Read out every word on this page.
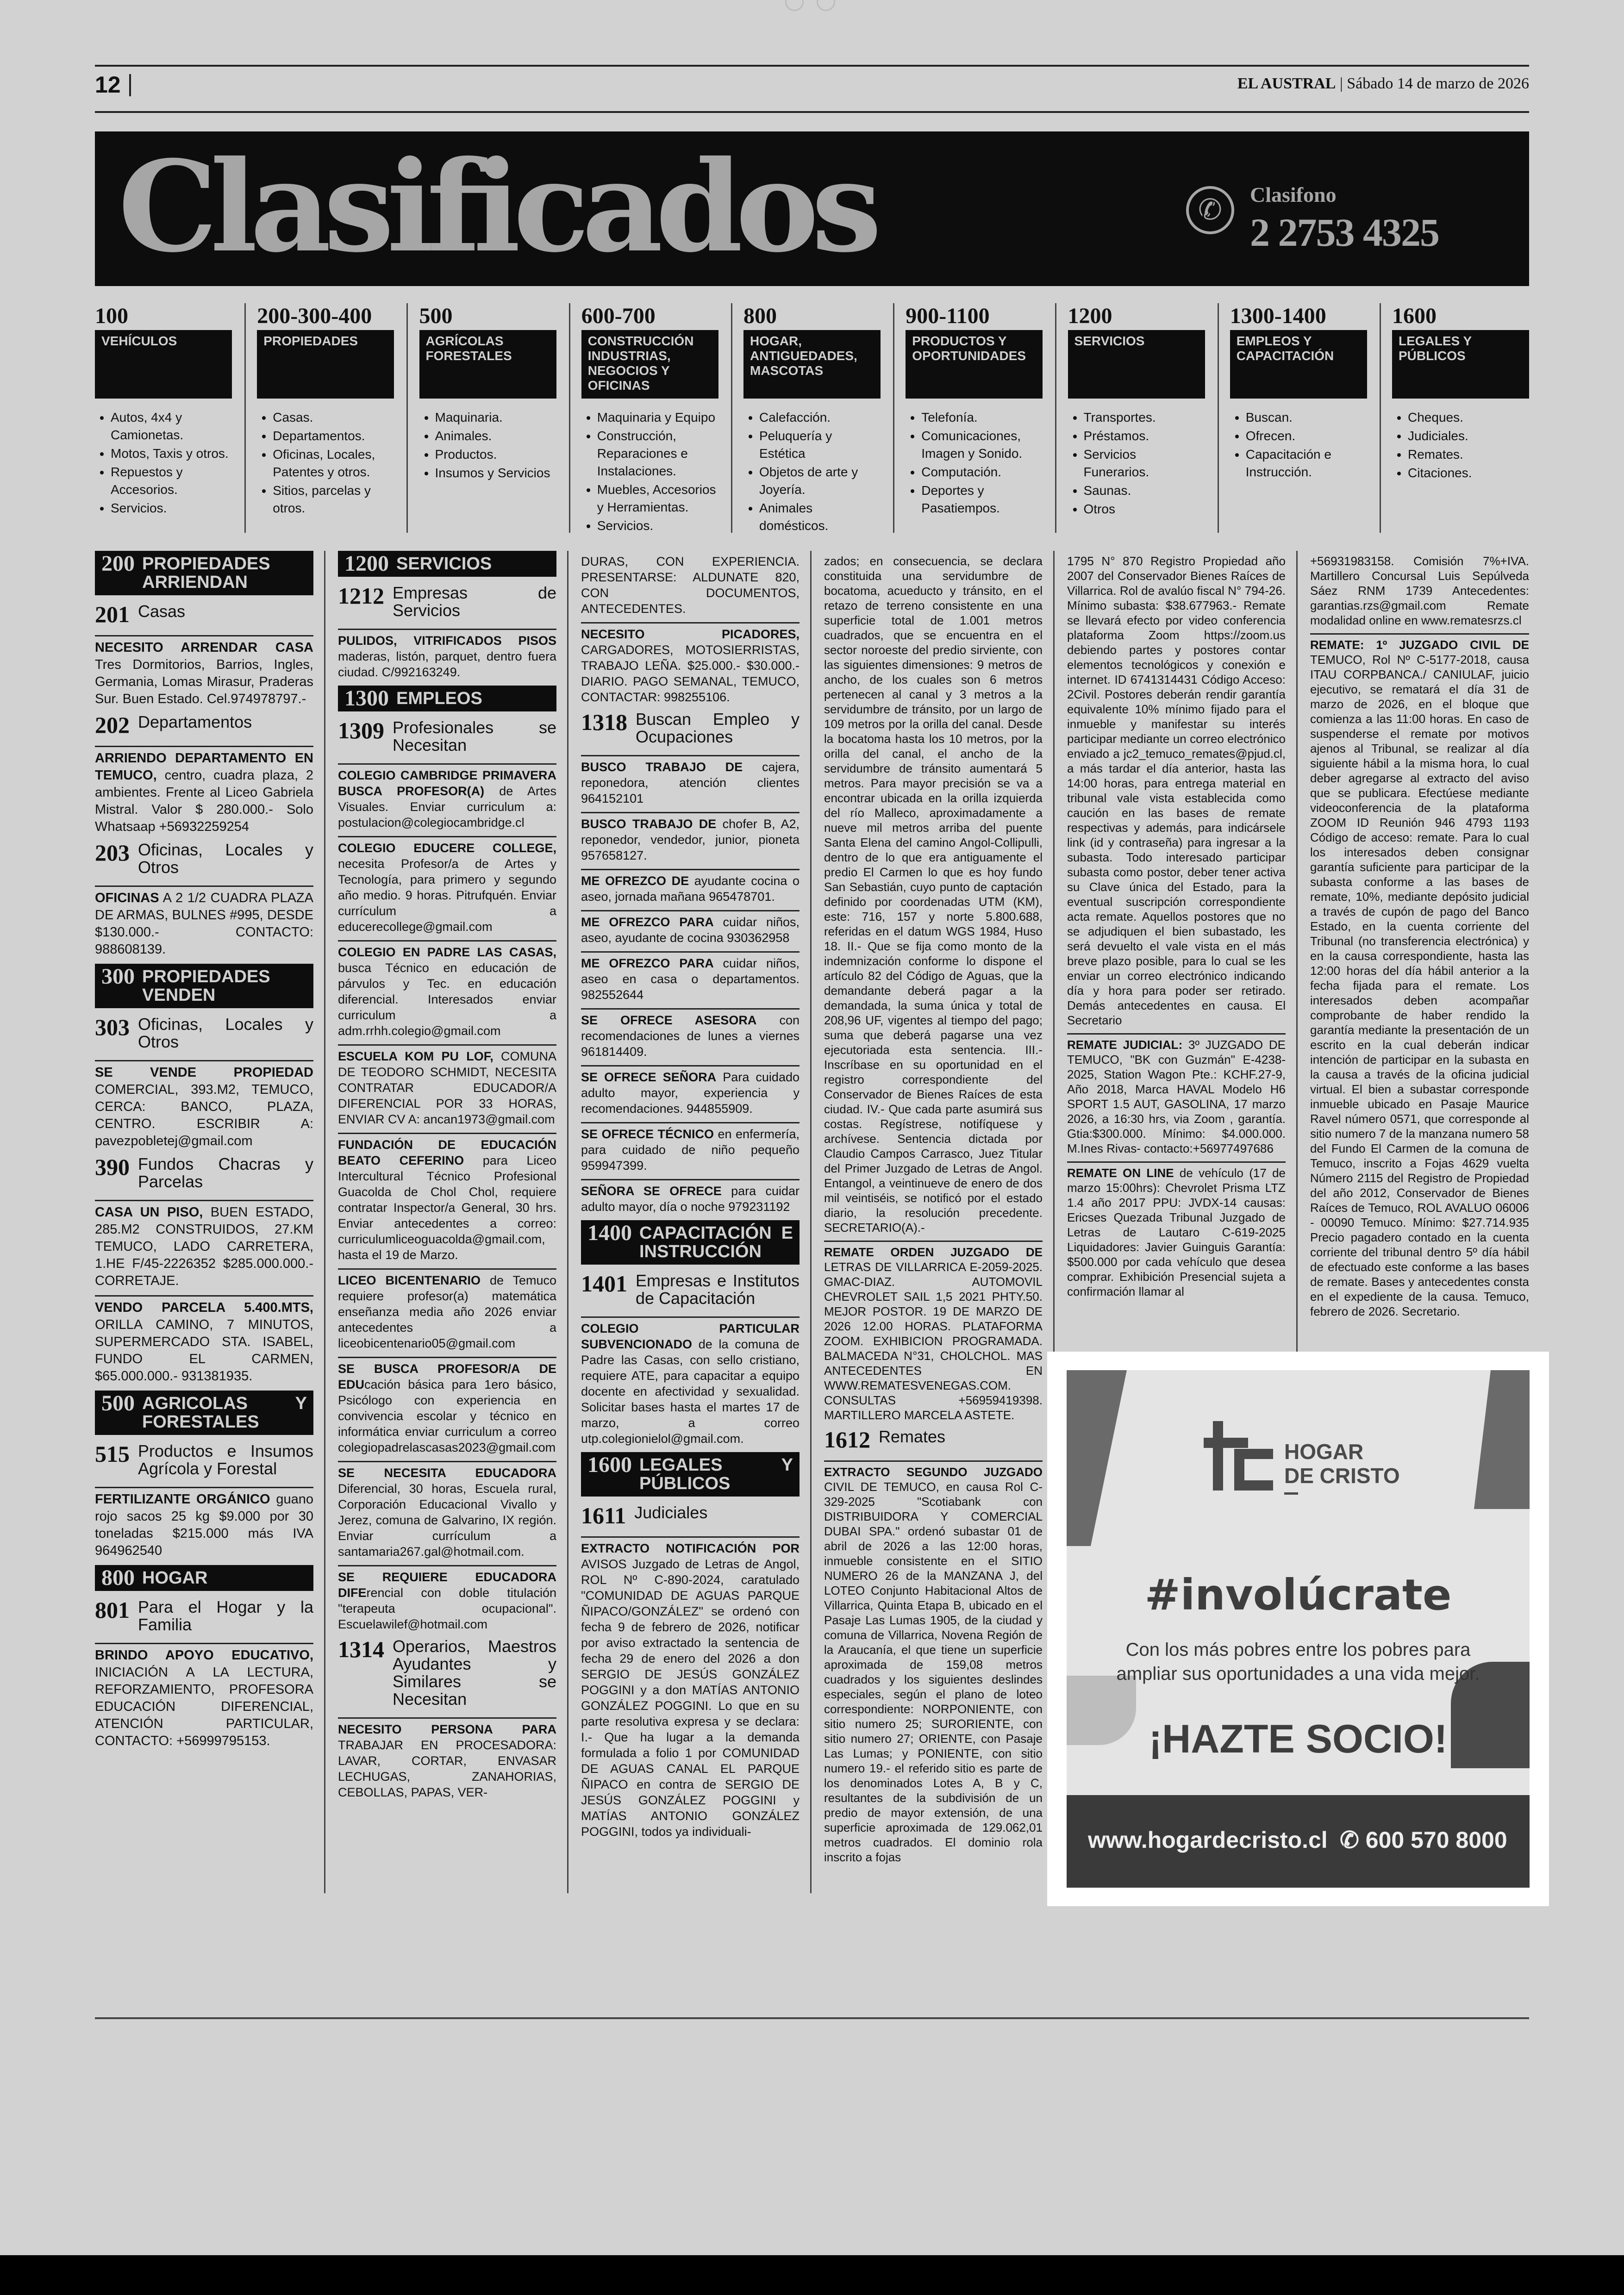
12	EL AUSTRAL | Sábado 14 de marzo de 2026
Clasificados	✆	Clasifono
2 2753 4325
100
VEHÍCULOS
• Autos, 4x4 y Camionetas.
• Motos, Taxis y otros.
• Repuestos y Accesorios.
• Servicios.
200-300-400
PROPIEDADES
• Casas.
• Departamentos.
• Oficinas, Locales, Patentes y otros.
• Sitios, parcelas y otros.
500
AGRÍCOLAS FORESTALES
• Maquinaria.
• Animales.
• Productos.
• Insumos y Servicios
600-700
CONSTRUCCIÓN INDUSTRIAS, NEGOCIOS Y OFICINAS
• Maquinaria y Equipo
• Construcción, Reparaciones e Instalaciones.
• Muebles, Accesorios y Herramientas.
• Servicios.
800
HOGAR, ANTIGUEDADES, MASCOTAS
• Calefacción.
• Peluquería y Estética
• Objetos de arte y Joyería.
• Animales domésticos.
900-1100
PRODUCTOS Y OPORTUNIDADES
• Telefonía.
• Comunicaciones, Imagen y Sonido.
• Computación.
• Deportes y Pasatiempos.
1200
SERVICIOS
• Transportes.
• Préstamos.
• Servicios Funerarios.
• Saunas.
• Otros
1300-1400
EMPLEOS Y CAPACITACIÓN
• Buscan.
• Ofrecen.
• Capacitación e Instrucción.
1600
LEGALES Y PÚBLICOS
• Cheques.
• Judiciales.
• Remates.
• Citaciones.
200 PROPIEDADES ARRIENDAN
201 Casas
NECESITO ARRENDAR CASA Tres Dormitorios, Barrios, Ingles, Germania, Lomas Mirasur, Praderas Sur. Buen Estado. Cel.974978797.-
202 Departamentos
ARRIENDO DEPARTAMENTO EN TEMUCO, centro, cuadra plaza, 2 ambientes. Frente al Liceo Gabriela Mistral. Valor $ 280.000.- Solo Whatsaap +56932259254
203 Oficinas, Locales y Otros
OFICINAS A 2 1/2 CUADRA PLAZA DE ARMAS, BULNES #995, DESDE $130.000.- CONTACTO: 988608139.
300 PROPIEDADES VENDEN
303 Oficinas, Locales y Otros
SE VENDE PROPIEDAD COMERCIAL, 393.M2, TEMUCO, CERCA: BANCO, PLAZA, CENTRO. ESCRIBIR A: pavezpobletej@gmail.com
390 Fundos Chacras y Parcelas
CASA UN PISO, BUEN ESTADO, 285.M2 CONSTRUIDOS, 27.KM TEMUCO, LADO CARRETERA, 1.HE F/45-2226352 $285.000.000.- CORRETAJE.
VENDO PARCELA 5.400.MTS, ORILLA CAMINO, 7 MINUTOS, SUPERMERCADO STA. ISABEL, FUNDO EL CARMEN, $65.000.000.- 931381935.
500 AGRICOLAS Y FORESTALES
515 Productos e Insumos Agrícola y Forestal
FERTILIZANTE ORGÁNICO guano rojo sacos 25 kg $9.000 por 30 toneladas $215.000 más IVA 964962540
800 HOGAR
801 Para el Hogar y la Familia
BRINDO APOYO EDUCATIVO, INICIACIÓN A LA LECTURA, REFORZAMIENTO, PROFESORA EDUCACIÓN DIFERENCIAL, ATENCIÓN PARTICULAR, CONTACTO: +56999795153.
1200 SERVICIOS
1212 Empresas de Servicios
PULIDOS, VITRIFICADOS PISOS maderas, listón, parquet, dentro fuera ciudad. C/992163249.
1300 EMPLEOS
1309 Profesionales se Necesitan
COLEGIO CAMBRIDGE PRIMAVERA BUSCA PROFESOR(A) de Artes Visuales. Enviar curriculum a: postulacion@colegiocambridge.cl
COLEGIO EDUCERE COLLEGE, necesita Profesor/a de Artes y Tecnología, para primero y segundo año medio. 9 horas. Pitrufquén. Enviar currículum a educerecollege@gmail.com
COLEGIO EN PADRE LAS CASAS, busca Técnico en educación de párvulos y Tec. en educación diferencial. Interesados enviar curriculum a adm.rrhh.colegio@gmail.com
ESCUELA KOM PU LOF, COMUNA DE TEODORO SCHMIDT, NECESITA CONTRATAR EDUCADOR/A DIFERENCIAL POR 33 HORAS, ENVIAR CV A: ancan1973@gmail.com
FUNDACIÓN DE EDUCACIÓN BEATO CEFERINO para Liceo Intercultural Técnico Profesional Guacolda de Chol Chol, requiere contratar Inspector/a General, 30 hrs. Enviar antecedentes a correo: curriculumliceoguacolda@gmail.com, hasta el 19 de Marzo.
LICEO BICENTENARIO de Temuco requiere profesor(a) matemática enseñanza media año 2026 enviar antecedentes a liceobicentenario05@gmail.com
SE BUSCA PROFESOR/A DE EDUcación básica para 1ero básico, Psicólogo con experiencia en convivencia escolar y técnico en informática enviar curriculum a correo colegiopadrelascasas2023@gmail.com
SE NECESITA EDUCADORA Diferencial, 30 horas, Escuela rural, Corporación Educacional Vivallo y Jerez, comuna de Galvarino, IX región. Enviar currículum a santamaria267.gal@hotmail.com.
SE REQUIERE EDUCADORA DIFErencial con doble titulación "terapeuta ocupacional". Escuelawilef@hotmail.com
1314 Operarios, Maestros Ayudantes y Similares se Necesitan
NECESITO PERSONA PARA TRABAJAR EN PROCESADORA: LAVAR, CORTAR, ENVASAR LECHUGAS, ZANAHORIAS, CEBOLLAS, PAPAS, VER-
DURAS, CON EXPERIENCIA. PRESENTARSE: ALDUNATE 820, CON DOCUMENTOS, ANTECEDENTES.
NECESITO PICADORES, CARGADORES, MOTOSIERRISTAS, TRABAJO LEÑA. $25.000.- $30.000.- DIARIO. PAGO SEMANAL, TEMUCO, CONTACTAR: 998255106.
1318 Buscan Empleo y Ocupaciones
BUSCO TRABAJO DE cajera, reponedora, atención clientes 964152101
BUSCO TRABAJO DE chofer B, A2, reponedor, vendedor, junior, pioneta 957658127.
ME OFREZCO DE ayudante cocina o aseo, jornada mañana 965478701.
ME OFREZCO PARA cuidar niños, aseo, ayudante de cocina 930362958
ME OFREZCO PARA cuidar niños, aseo en casa o departamentos. 982552644
SE OFRECE ASESORA con recomendaciones de lunes a viernes 961814409.
SE OFRECE SEÑORA Para cuidado adulto mayor, experiencia y recomendaciones. 944855909.
SE OFRECE TÉCNICO en enfermería, para cuidado de niño pequeño 959947399.
SEÑORA SE OFRECE para cuidar adulto mayor, día o noche 979231192
1400 CAPACITACIÓN E INSTRUCCIÓN
1401 Empresas e Institutos de Capacitación
COLEGIO PARTICULAR SUBVENCIONADO de la comuna de Padre las Casas, con sello cristiano, requiere ATE, para capacitar a equipo docente en afectividad y sexualidad. Solicitar bases hasta el martes 17 de marzo, a correo utp.colegionielol@gmail.com.
1600 LEGALES Y PÚBLICOS
1611 Judiciales
EXTRACTO NOTIFICACIÓN POR AVISOS Juzgado de Letras de Angol, ROL Nº C-890-2024, caratulado "COMUNIDAD DE AGUAS PARQUE ÑIPACO/GONZÁLEZ" se ordenó con fecha 9 de febrero de 2026, notificar por aviso extractado la sentencia de fecha 29 de enero del 2026 a don SERGIO DE JESÚS GONZÁLEZ POGGINI y a don MATÍAS ANTONIO GONZÁLEZ POGGINI. Lo que en su parte resolutiva expresa y se declara: I.- Que ha lugar a la demanda formulada a folio 1 por COMUNIDAD DE AGUAS CANAL EL PARQUE ÑIPACO en contra de SERGIO DE JESÚS GONZÁLEZ POGGINI y MATÍAS ANTONIO GONZÁLEZ POGGINI, todos ya individuali-
zados; en consecuencia, se declara constituida una servidumbre de bocatoma, acueducto y tránsito, en el retazo de terreno consistente en una superficie total de 1.001 metros cuadrados, que se encuentra en el sector noroeste del predio sirviente, con las siguientes dimensiones: 9 metros de ancho, de los cuales son 6 metros pertenecen al canal y 3 metros a la servidumbre de tránsito, por un largo de 109 metros por la orilla del canal. Desde la bocatoma hasta los 10 metros, por la orilla del canal, el ancho de la servidumbre de tránsito aumentará 5 metros. Para mayor precisión se va a encontrar ubicada en la orilla izquierda del río Malleco, aproximadamente a nueve mil metros arriba del puente Santa Elena del camino Angol-Collipulli, dentro de lo que era antiguamente el predio El Carmen lo que es hoy fundo San Sebastián, cuyo punto de captación definido por coordenadas UTM (KM), este: 716, 157 y norte 5.800.688, referidas en el datum WGS 1984, Huso 18. II.- Que se fija como monto de la indemnización conforme lo dispone el artículo 82 del Código de Aguas, que la demandante deberá pagar a la demandada, la suma única y total de 208,96 UF, vigentes al tiempo del pago; suma que deberá pagarse una vez ejecutoriada esta sentencia. III.- Inscríbase en su oportunidad en el registro correspondiente del Conservador de Bienes Raíces de esta ciudad. IV.- Que cada parte asumirá sus costas. Regístrese, notifíquese y archívese. Sentencia dictada por Claudio Campos Carrasco, Juez Titular del Primer Juzgado de Letras de Angol. Entangol, a veintinueve de enero de dos mil veintiséis, se notificó por el estado diario, la resolución precedente. SECRETARIO(A).-
REMATE ORDEN JUZGADO DE LETRAS DE VILLARRICA E-2059-2025. GMAC-DIAZ. AUTOMOVIL CHEVROLET SAIL 1,5 2021 PHTY.50. MEJOR POSTOR. 19 DE MARZO DE 2026 12.00 HORAS. PLATAFORMA ZOOM. EXHIBICION PROGRAMADA. BALMACEDA N°31, CHOLCHOL. MAS ANTECEDENTES EN WWW.REMATESVENEGAS.COM. CONSULTAS +56959419398. MARTILLERO MARCELA ASTETE.
1612 Remates
EXTRACTO SEGUNDO JUZGADO CIVIL DE TEMUCO, en causa Rol C-329-2025 "Scotiabank con DISTRIBUIDORA Y COMERCIAL DUBAI SPA." ordenó subastar 01 de abril de 2026 a las 12:00 horas, inmueble consistente en el SITIO NUMERO 26 de la MANZANA J, del LOTEO Conjunto Habitacional Altos de Villarrica, Quinta Etapa B, ubicado en el Pasaje Las Lumas 1905, de la ciudad y comuna de Villarrica, Novena Región de la Araucanía, el que tiene un superficie aproximada de 159,08 metros cuadrados y los siguientes deslindes especiales, según el plano de loteo correspondiente: NORPONIENTE, con sitio numero 25; SURORIENTE, con sitio numero 27; ORIENTE, con Pasaje Las Lumas; y PONIENTE, con sitio numero 19.- el referido sitio es parte de los denominados Lotes A, B y C, resultantes de la subdivisión de un predio de mayor extensión, de una superficie aproximada de 129.062,01 metros cuadrados. El dominio rola inscrito a fojas
1795 N° 870 Registro Propiedad año 2007 del Conservador Bienes Raíces de Villarrica. Rol de avalúo fiscal N° 794-26. Mínimo subasta: $38.677963.- Remate se llevará efecto por video conferencia plataforma Zoom https://zoom.us debiendo partes y postores contar elementos tecnológicos y conexión e internet. ID 6741314431 Código Acceso: 2Civil. Postores deberán rendir garantía equivalente 10% mínimo fijado para el inmueble y manifestar su interés participar mediante un correo electrónico enviado a jc2_temuco_remates@pjud.cl, a más tardar el día anterior, hasta las 14:00 horas, para entrega material en tribunal vale vista establecida como caución en las bases de remate respectivas y además, para indicársele link (id y contraseña) para ingresar a la subasta. Todo interesado participar subasta como postor, deber tener activa su Clave única del Estado, para la eventual suscripción correspondiente acta remate. Aquellos postores que no se adjudiquen el bien subastado, les será devuelto el vale vista en el más breve plazo posible, para lo cual se les enviar un correo electrónico indicando día y hora para poder ser retirado. Demás antecedentes en causa. El Secretario
REMATE JUDICIAL: 3º JUZGADO DE TEMUCO, "BK con Guzmán" E-4238-2025, Station Wagon Pte.: KCHF.27-9, Año 2018, Marca HAVAL Modelo H6 SPORT 1.5 AUT, GASOLINA, 17 marzo 2026, a 16:30 hrs, via Zoom , garantía. Gtia:$300.000. Mínimo: $4.000.000. M.Ines Rivas- contacto:+56977497686
REMATE ON LINE de vehículo (17 de marzo 15:00hrs): Chevrolet Prisma LTZ 1.4 año 2017 PPU: JVDX-14 causas: Ericses Quezada Tribunal Juzgado de Letras de Lautaro C-619-2025 Liquidadores: Javier Guinguis Garantía: $500.000 por cada vehículo que desea comprar. Exhibición Presencial sujeta a confirmación llamar al
+56931983158. Comisión 7%+IVA. Martillero Concursal Luis Sepúlveda Sáez RNM 1739 Antecedentes: garantias.rzs@gmail.com Remate modalidad online en www.rematesrzs.cl
REMATE: 1º JUZGADO CIVIL DE TEMUCO, Rol Nº C-5177-2018, causa ITAU CORPBANCA./ CANIULAF, juicio ejecutivo, se rematará el día 31 de marzo de 2026, en el bloque que comienza a las 11:00 horas. En caso de suspenderse el remate por motivos ajenos al Tribunal, se realizar al día siguiente hábil a la misma hora, lo cual deber agregarse al extracto del aviso que se publicara. Efectúese mediante videoconferencia de la plataforma ZOOM ID Reunión 946 4793 1193 Código de acceso: remate. Para lo cual los interesados deben consignar garantía suficiente para participar de la subasta conforme a las bases de remate, 10%, mediante depósito judicial a través de cupón de pago del Banco Estado, en la cuenta corriente del Tribunal (no transferencia electrónica) y en la causa correspondiente, hasta las 12:00 horas del día hábil anterior a la fecha fijada para el remate. Los interesados deben acompañar comprobante de haber rendido la garantía mediante la presentación de un escrito en la cual deberán indicar intención de participar en la subasta en la causa a través de la oficina judicial virtual. El bien a subastar corresponde inmueble ubicado en Pasaje Maurice Ravel número 0571, que corresponde al sitio numero 7 de la manzana numero 58 del Fundo El Carmen de la comuna de Temuco, inscrito a Fojas 4629 vuelta Número 2115 del Registro de Propiedad del año 2012, Conservador de Bienes Raíces de Temuco, ROL AVALUO 06006 - 00090 Temuco. Mínimo: $27.714.935 Precio pagadero contado en la cuenta corriente del tribunal dentro 5º día hábil de efectuado este conforme a las bases de remate. Bases y antecedentes consta en el expediente de la causa. Temuco, febrero de 2026. Secretario.
HOGAR
DE CRISTO
#involúcrate
Con los más pobres entre los pobres para ampliar sus oportunidades a una vida mejor.
¡HAZTE SOCIO!
www.hogardecristo.cl ✆ 600 570 8000
